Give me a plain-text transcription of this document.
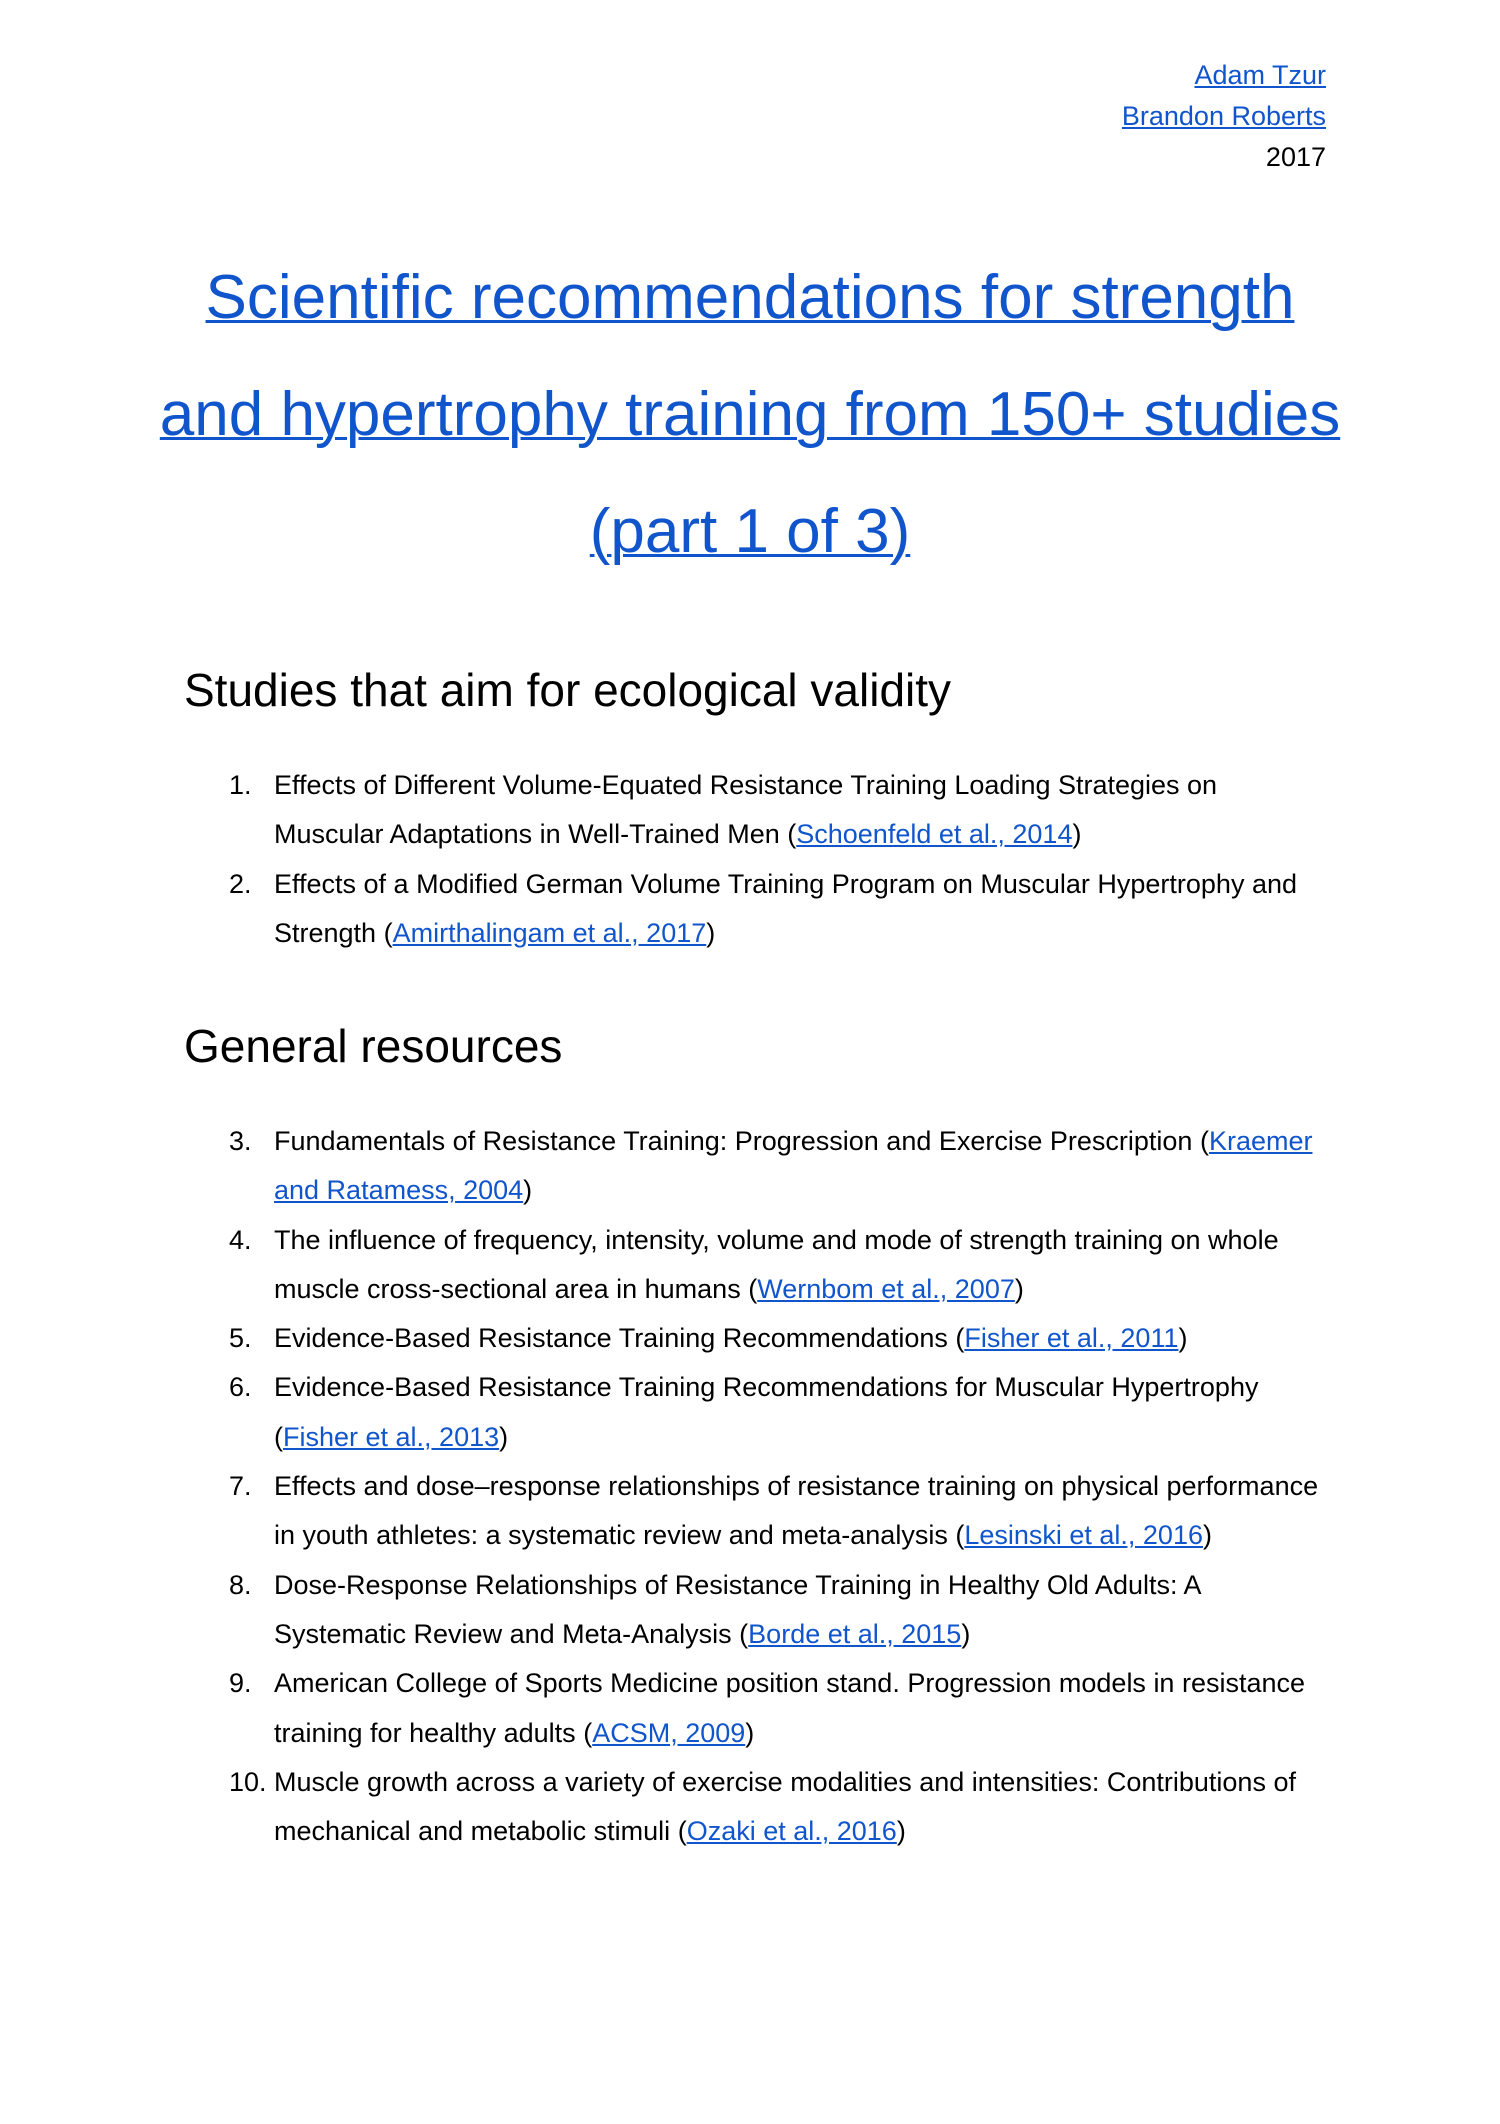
Adam Tzur
Brandon Roberts
2017
Scientific recommendations for strength and hypertrophy training from 150+ studies (part 1 of 3)
Studies that aim for ecological validity
1. Effects of Different Volume-Equated Resistance Training Loading Strategies on Muscular Adaptations in Well-Trained Men (Schoenfeld et al., 2014)
2. Effects of a Modified German Volume Training Program on Muscular Hypertrophy and Strength (Amirthalingam et al., 2017)
General resources
3. Fundamentals of Resistance Training: Progression and Exercise Prescription (Kraemer and Ratamess, 2004)
4. The influence of frequency, intensity, volume and mode of strength training on whole muscle cross-sectional area in humans (Wernbom et al., 2007)
5. Evidence-Based Resistance Training Recommendations (Fisher et al., 2011)
6. Evidence-Based Resistance Training Recommendations for Muscular Hypertrophy (Fisher et al., 2013)
7. Effects and dose–response relationships of resistance training on physical performance in youth athletes: a systematic review and meta-analysis (Lesinski et al., 2016)
8. Dose-Response Relationships of Resistance Training in Healthy Old Adults: A Systematic Review and Meta-Analysis (Borde et al., 2015)
9. American College of Sports Medicine position stand. Progression models in resistance training for healthy adults (ACSM, 2009)
10. Muscle growth across a variety of exercise modalities and intensities: Contributions of mechanical and metabolic stimuli (Ozaki et al., 2016)
